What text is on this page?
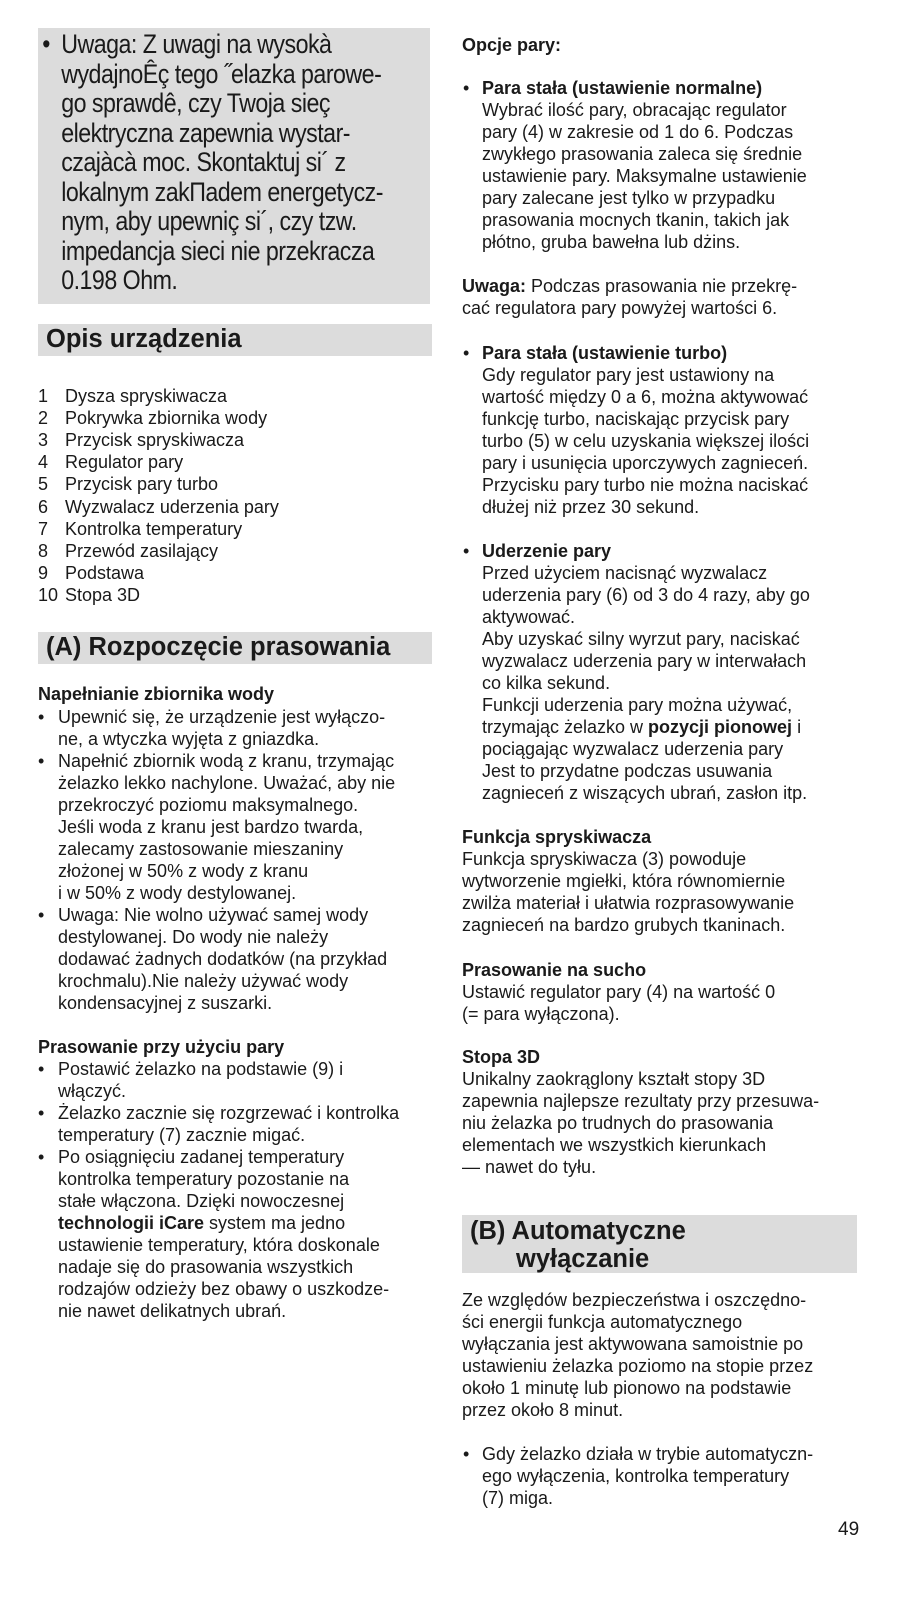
• Uwaga: Z uwagi na wysokà
wydajnoÊç tego ˝elazka parowe-
go sprawdê, czy Twoja sieç
elektryczna zapewnia wystar-
czajàcà moc. Skontaktuj si´ z
lokalnym zakПadem energetycz-
nym, aby upewniç si´, czy tzw.
impedancja sieci nie przekracza
0.198 Ohm.
Opis urządzenia
1 Dysza spryskiwacza
2 Pokrywka zbiornika wody
3 Przycisk spryskiwacza
4 Regulator pary
5 Przycisk pary turbo
6 Wyzwalacz uderzenia pary
7 Kontrolka temperatury
8 Przewód zasilający
9 Podstawa
10 Stopa 3D
(A) Rozpoczęcie prasowania
Napełnianie zbiornika wody
• Upewnić się, że urządzenie jest wyłączo-
ne, a wtyczka wyjęta z gniazdka.
• Napełnić zbiornik wodą z kranu, trzymając
żelazko lekko nachylone. Uważać, aby nie
przekroczyć poziomu maksymalnego.
Jeśli woda z kranu jest bardzo twarda,
zalecamy zastosowanie mieszaniny
złożonej w 50% z wody z kranu
i w 50% z wody destylowanej.
• Uwaga: Nie wolno używać samej wody
destylowanej. Do wody nie należy
dodawać żadnych dodatków (na przykład
krochmalu).Nie należy używać wody
kondensacyjnej z suszarki.
Prasowanie przy użyciu pary
• Postawić żelazko na podstawie (9) i
włączyć.
• Żelazko zacznie się rozgrzewać i kontrolka
temperatury (7) zacznie migać.
• Po osiągnięciu zadanej temperatury
kontrolka temperatury pozostanie na
stałe włączona. Dzięki nowoczesnej
technologii iCare system ma jedno
ustawienie temperatury, która doskonale
nadaje się do prasowania wszystkich
rodzajów odzieży bez obawy o uszkodze-
nie nawet delikatnych ubrań.
Opcje pary:
• Para stała (ustawienie normalne)
Wybrać ilość pary, obracając regulator
pary (4) w zakresie od 1 do 6. Podczas
zwykłego prasowania zaleca się średnie
ustawienie pary. Maksymalne ustawienie
pary zalecane jest tylko w przypadku
prasowania mocnych tkanin, takich jak
płótno, gruba bawełna lub dżins.
Uwaga: Podczas prasowania nie przekrę-
cać regulatora pary powyżej wartości 6.
• Para stała (ustawienie turbo)
Gdy regulator pary jest ustawiony na
wartość między 0 a 6, można aktywować
funkcję turbo, naciskając przycisk pary
turbo (5) w celu uzyskania większej ilości
pary i usunięcia uporczywych zagnieceń.
Przycisku pary turbo nie można naciskać
dłużej niż przez 30 sekund.
• Uderzenie pary
Przed użyciem nacisnąć wyzwalacz
uderzenia pary (6) od 3 do 4 razy, aby go
aktywować.
Aby uzyskać silny wyrzut pary, naciskać
wyzwalacz uderzenia pary w interwałach
co kilka sekund.
Funkcji uderzenia pary można używać,
trzymając żelazko w pozycji pionowej i
pociągając wyzwalacz uderzenia pary
Jest to przydatne podczas usuwania
zagnieceń z wiszących ubrań, zasłon itp.
Funkcja spryskiwacza
Funkcja spryskiwacza (3) powoduje
wytworzenie mgiełki, która równomiernie
zwilża materiał i ułatwia rozprasowywanie
zagnieceń na bardzo grubych tkaninach.
Prasowanie na sucho
Ustawić regulator pary (4) na wartość 0
(= para wyłączona).
Stopa 3D
Unikalny zaokrąglony kształt stopy 3D
zapewnia najlepsze rezultaty przy przesuwa-
niu żelazka po trudnych do prasowania
elementach we wszystkich kierunkach
— nawet do tyłu.
(B) Automatyczne
wyłączanie
Ze względów bezpieczeństwa i oszczędno-
ści energii funkcja automatycznego
wyłączania jest aktywowana samoistnie po
ustawieniu żelazka poziomo na stopie przez
około 1 minutę lub pionowo na podstawie
przez około 8 minut.
• Gdy żelazko działa w trybie automatyczn-
ego wyłączenia, kontrolka temperatury
(7) miga.
49
